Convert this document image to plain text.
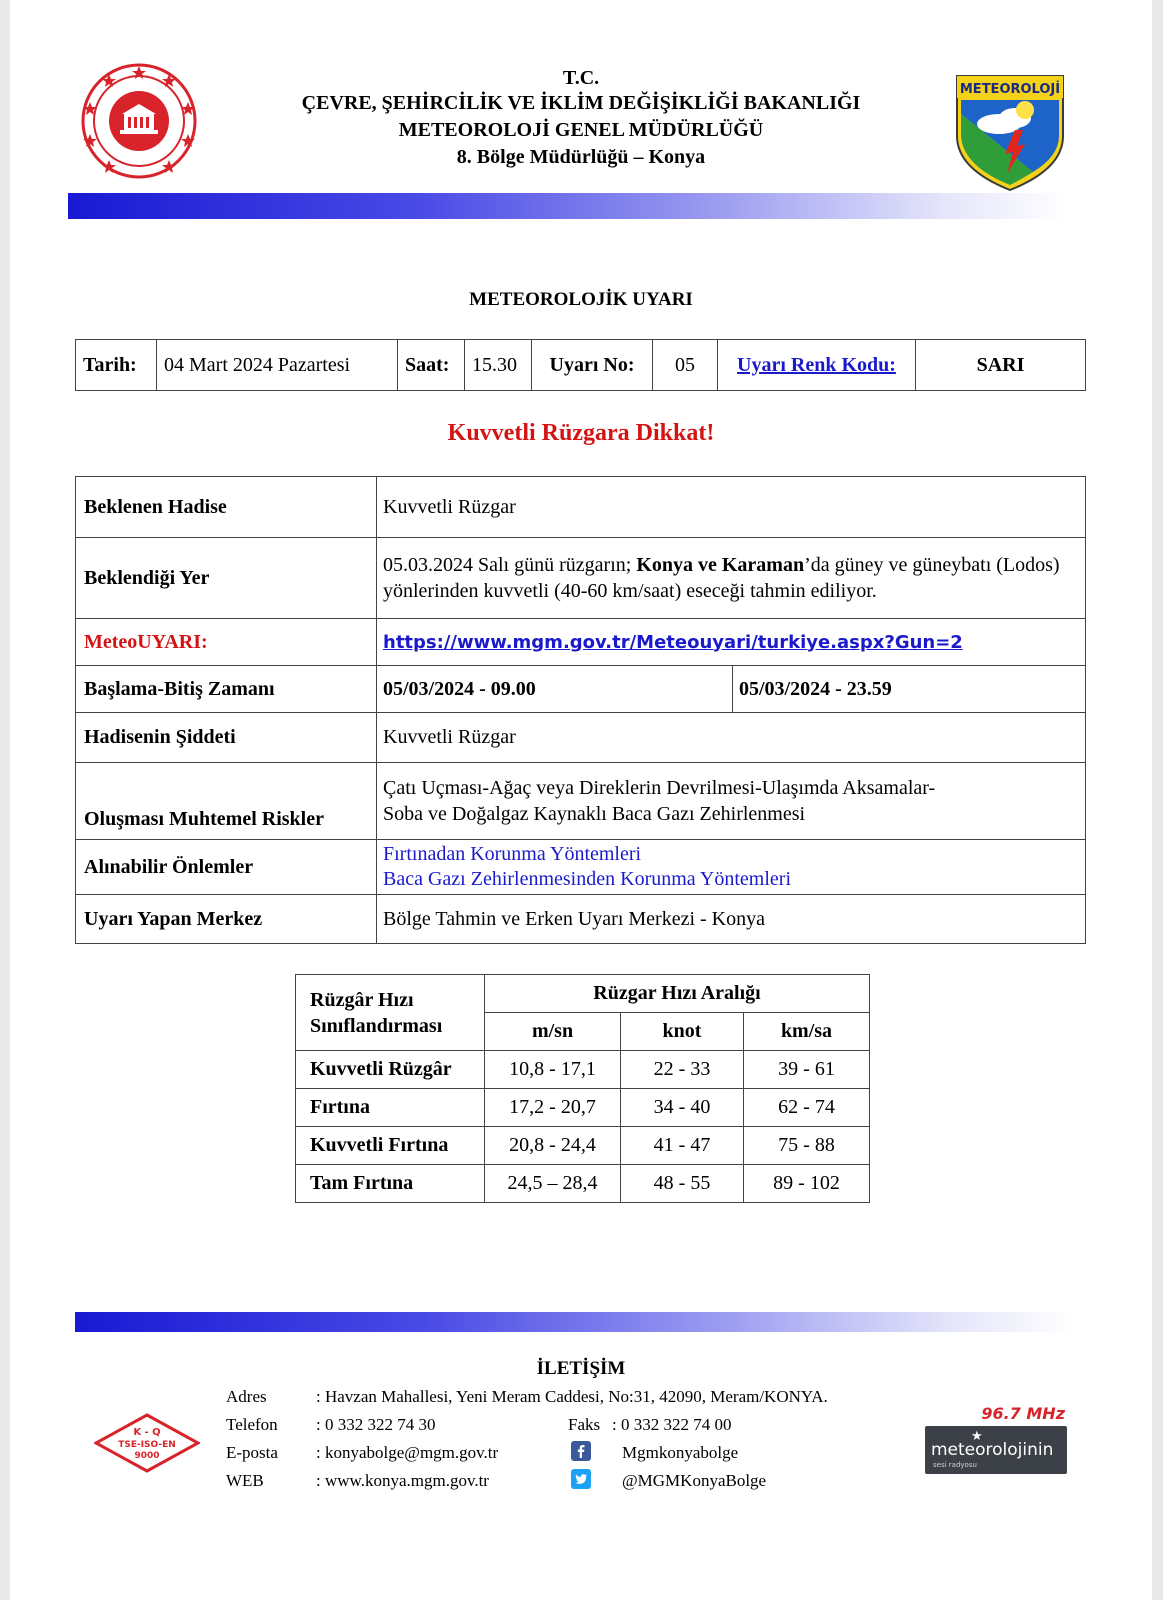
T.C.
ÇEVRE, ŞEHİRCİLİK VE İKLİM DEĞİŞİKLİĞİ BAKANLIĞI
METEOROLOJİ GENEL MÜDÜRLÜĞÜ
8. Bölge Müdürlüğü – Konya
METEOROLOJİ
METEOROLOJİK UYARI
Tarih:	04 Mart 2024 Pazartesi	Saat:	15.30	Uyarı No:	05	Uyarı Renk Kodu:	SARI
Kuvvetli Rüzgara Dikkat!
Beklenen Hadise	Kuvvetli Rüzgar	
Beklendiği Yer	05.03.2024 Salı günü rüzgarın; Konya ve Karaman’da güney ve güneybatı (Lodos) yönlerinden kuvvetli (40-60 km/saat) eseceği tahmin ediliyor.	
MeteoUYARI:	https://www.mgm.gov.tr/Meteouyari/turkiye.aspx?Gun=2	
Başlama-Bitiş Zamanı	05/03/2024 - 09.00	05/03/2024 - 23.59
Hadisenin Şiddeti	Kuvvetli Rüzgar	
Oluşması Muhtemel Riskler	Çatı Uçması-Ağaç veya Direklerin Devrilmesi-Ulaşımda Aksamalar-
Soba ve Doğalgaz Kaynaklı Baca Gazı Zehirlenmesi	

Alınabilir Önlemler	Fırtınadan Korunma Yöntemleri
Baca Gazı Zehirlenmesinden Korunma Yöntemleri	

Uyarı Yapan Merkez	Bölge Tahmin ve Erken Uyarı Merkezi - Konya	
Rüzgâr Hızı
Sınıflandırması	Rüzgar Hızı Aralığı		
	m/sn	knot	km/sa
Kuvvetli Rüzgâr	10,8 - 17,1	22 - 33	39 - 61
Fırtına	17,2 - 20,7	34 - 40	62 - 74
Kuvvetli Fırtına	20,8 - 24,4	41 - 47	75 - 88
Tam Fırtına	24,5 – 28,4	48 - 55	89 - 102
İLETİŞİM
K - Q
TSE-ISO-EN
9000
Adres	: Havzan Mahallesi, Yeni Meram Caddesi, No:31, 42090, Meram/KONYA.
Telefon : 0 332 322 74 30	Faks : 0 332 322 74 00
E-posta : konyabolge@mgm.gov.tr	Mgmkonyabolge
WEB	: www.konya.mgm.gov.tr	@MGMKonyaBolge
96.7 MHz
★
meteorolojinin
sesi radyosu
